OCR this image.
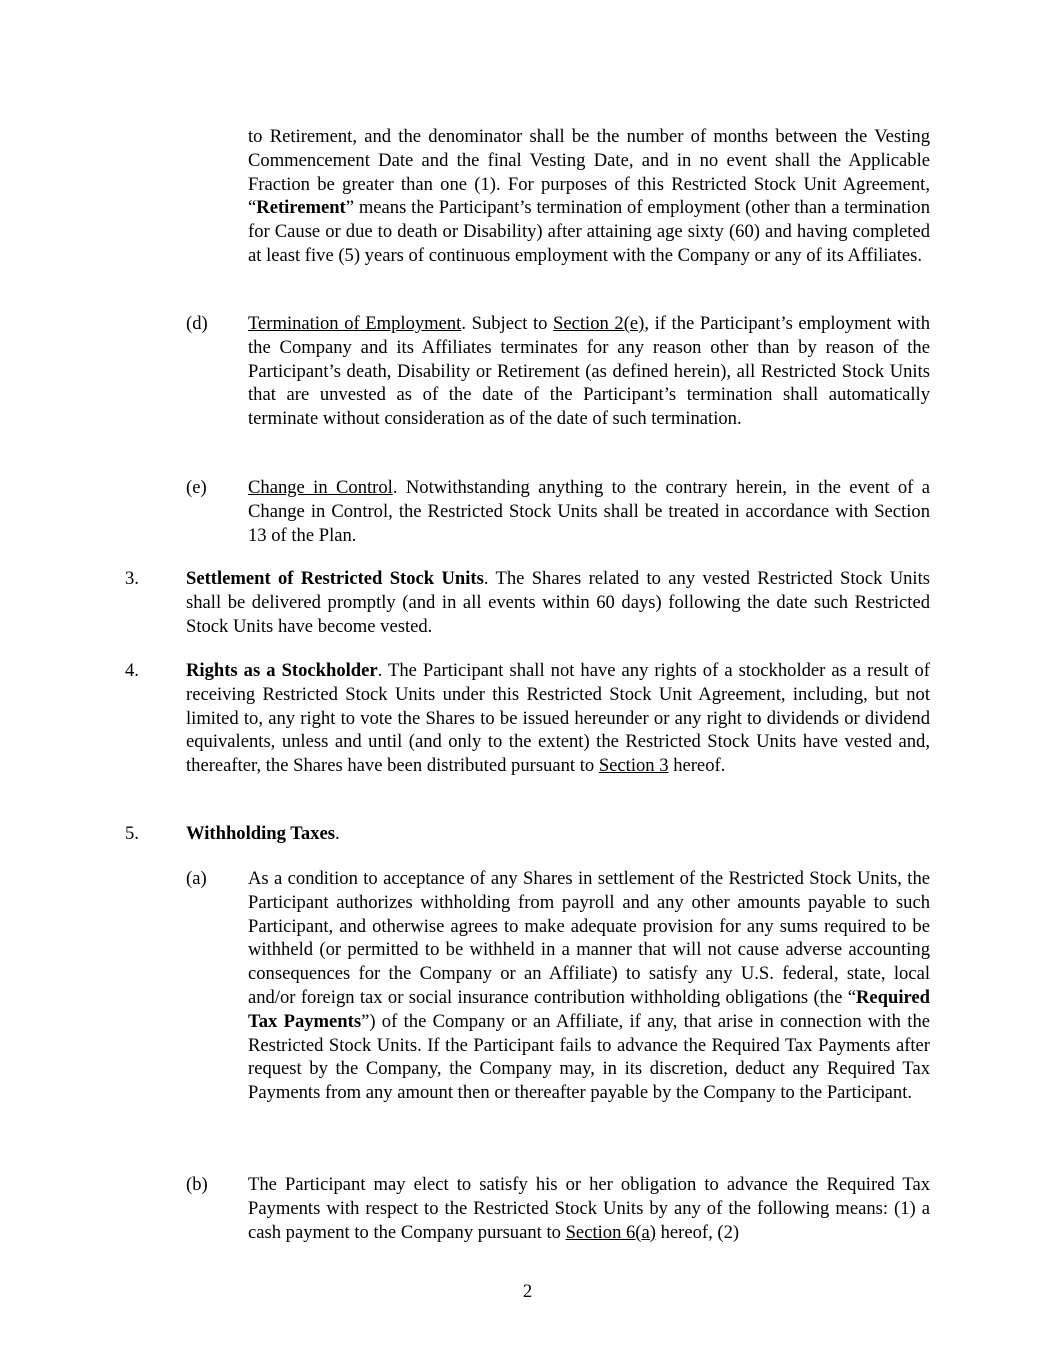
to Retirement, and the denominator shall be the number of months between the Vesting Commencement Date and the final Vesting Date, and in no event shall the Applicable Fraction be greater than one (1). For purposes of this Restricted Stock Unit Agreement, “Retirement” means the Participant’s termination of employment (other than a termination for Cause or due to death or Disability) after attaining age sixty (60) and having completed at least five (5) years of continuous employment with the Company or any of its Affiliates.

(d) Termination of Employment. Subject to Section 2(e), if the Participant’s employment with the Company and its Affiliates terminates for any reason other than by reason of the Participant’s death, Disability or Retirement (as defined herein), all Restricted Stock Units that are unvested as of the date of the Participant’s termination shall automatically terminate without consideration as of the date of such termination.

(e) Change in Control. Notwithstanding anything to the contrary herein, in the event of a Change in Control, the Restricted Stock Units shall be treated in accordance with Section 13 of the Plan.

3.	Settlement of Restricted Stock Units. The Shares related to any vested Restricted Stock Units shall be delivered promptly (and in all events within 60 days) following the date such Restricted Stock Units have become vested.

4.	Rights as a Stockholder. The Participant shall not have any rights of a stockholder as a result of receiving Restricted Stock Units under this Restricted Stock Unit Agreement, including, but not limited to, any right to vote the Shares to be issued hereunder or any right to dividends or dividend equivalents, unless and until (and only to the extent) the Restricted Stock Units have vested and, thereafter, the Shares have been distributed pursuant to Section 3 hereof.

5.	Withholding Taxes.

(a) As a condition to acceptance of any Shares in settlement of the Restricted Stock Units, the Participant authorizes withholding from payroll and any other amounts payable to such Participant, and otherwise agrees to make adequate provision for any sums required to be withheld (or permitted to be withheld in a manner that will not cause adverse accounting consequences for the Company or an Affiliate) to satisfy any U.S. federal, state, local and/or foreign tax or social insurance contribution withholding obligations (the “Required Tax Payments”) of the Company or an Affiliate, if any, that arise in connection with the Restricted Stock Units. If the Participant fails to advance the Required Tax Payments after request by the Company, the Company may, in its discretion, deduct any Required Tax Payments from any amount then or thereafter payable by the Company to the Participant.

(b) The Participant may elect to satisfy his or her obligation to advance the Required Tax Payments with respect to the Restricted Stock Units by any of the following means: (1) a cash payment to the Company pursuant to Section 6(a) hereof, (2)

2
